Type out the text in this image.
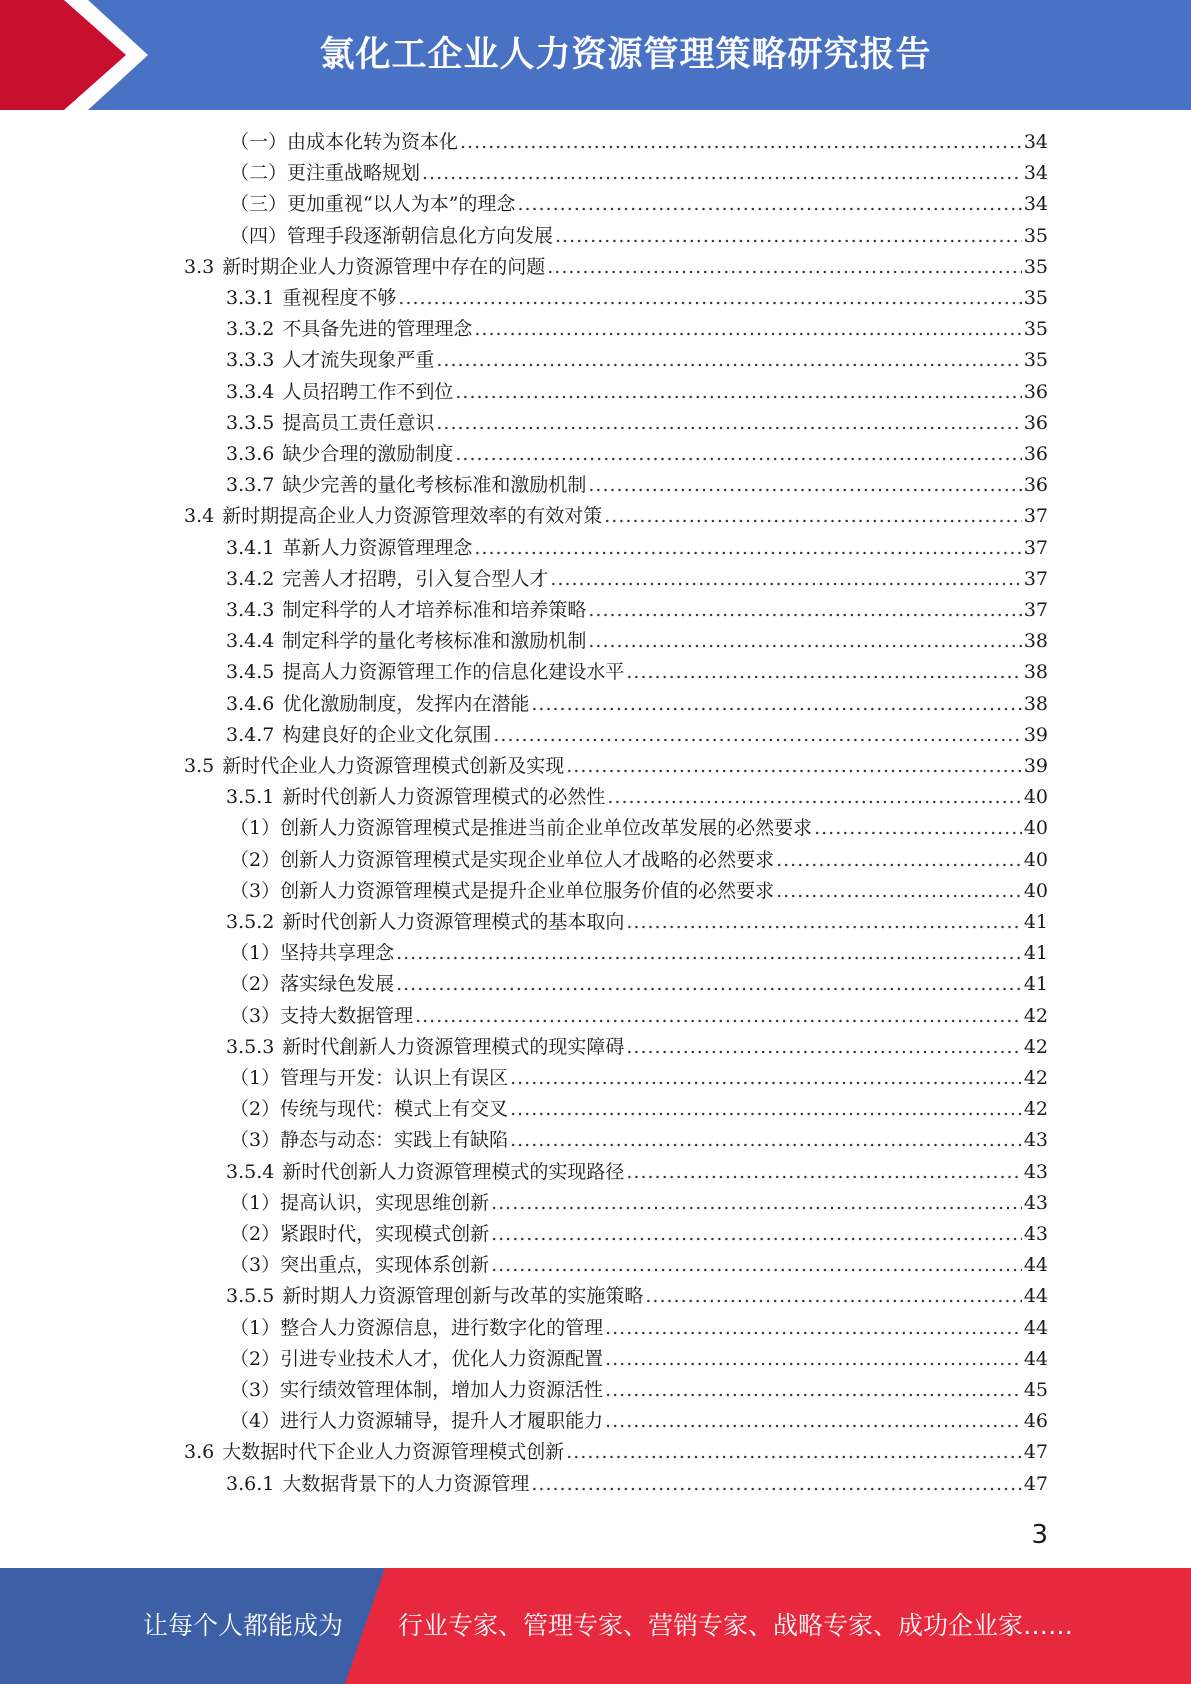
氯化工企业人力资源管理策略研究报告
（一）由成本化转为资本化 .....	34
（二）更注重战略规划 .....	34
（三）更加重视“以人为本”的理念 .....	34
（四）管理手段逐渐朝信息化方向发展 .....	35
3.3 新时期企业人力资源管理中存在的问题 .....	35
3.3.1 重视程度不够 .....	35
3.3.2 不具备先进的管理理念 .....	35
3.3.3 人才流失现象严重 .....	35
3.3.4 人员招聘工作不到位 .....	36
3.3.5 提高员工责任意识 .....	36
3.3.6 缺少合理的激励制度 .....	36
3.3.7 缺少完善的量化考核标准和激励机制 .....	36
3.4 新时期提高企业人力资源管理效率的有效对策 .....	37
3.4.1 革新人力资源管理理念 .....	37
3.4.2 完善人才招聘，引入复合型人才 .....	37
3.4.3 制定科学的人才培养标准和培养策略 .....	37
3.4.4 制定科学的量化考核标准和激励机制 .....	38
3.4.5 提高人力资源管理工作的信息化建设水平 .....	38
3.4.6 优化激励制度，发挥内在潜能 .....	38
3.4.7 构建良好的企业文化氛围 .....	39
3.5 新时代企业人力资源管理模式创新及实现 .....	39
3.5.1 新时代创新人力资源管理模式的必然性 .....	40
（1）创新人力资源管理模式是推进当前企业单位改革发展的必然要求 .....	40
（2）创新人力资源管理模式是实现企业单位人才战略的必然要求 .....	40
（3）创新人力资源管理模式是提升企业单位服务价值的必然要求 .....	40
3.5.2 新时代创新人力资源管理模式的基本取向 .....	41
（1）坚持共享理念 .....	41
（2）落实绿色发展 .....	41
（3）支持大数据管理 .....	42
3.5.3 新时代創新人力资源管理模式的现实障碍 .....	42
（1）管理与开发：认识上有误区 .....	42
（2）传统与现代：模式上有交叉 .....	42
（3）静态与动态：实践上有缺陷 .....	43
3.5.4 新时代创新人力资源管理模式的实现路径 .....	43
（1）提高认识，实现思维创新 .....	43
（2）紧跟时代，实现模式创新 .....	43
（3）突出重点，实现体系创新 .....	44
3.5.5 新时期人力资源管理创新与改革的实施策略 .....	44
（1）整合人力资源信息，进行数字化的管理 .....	44
（2）引进专业技术人才，优化人力资源配置 .....	44
（3）实行绩效管理体制，增加人力资源活性 .....	45
（4）进行人力资源辅导，提升人才履职能力 .....	46
3.6 大数据时代下企业人力资源管理模式创新 .....	47
3.6.1 大数据背景下的人力资源管理 .....	47
3
让每个人都能成为 行业专家、管理专家、营销专家、战略专家、成功企业家……
